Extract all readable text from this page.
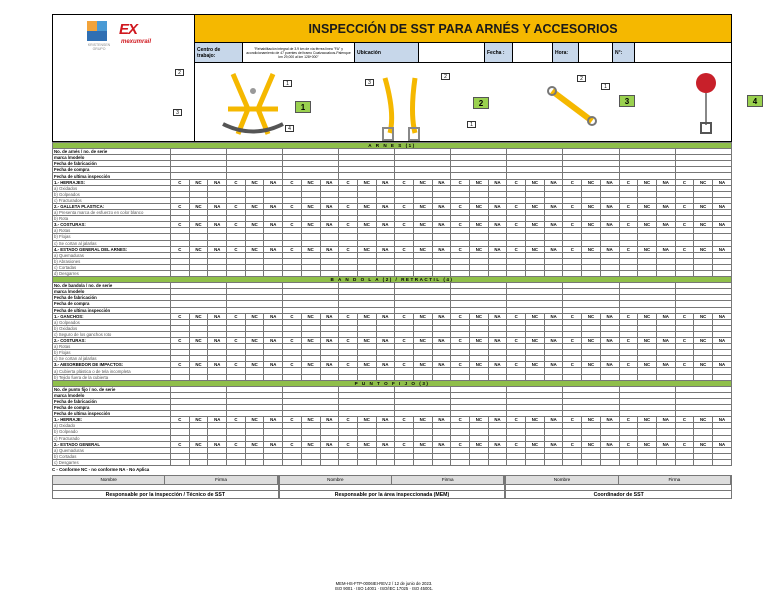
KRISTENSEN
GRUPO
EX
mexumrail
INSPECCIÓN DE SST PARA ARNÉS Y ACCESORIOS
Centro de trabajo:
"Rehabilitación integral de 3.9 km de vía férrea línea "FA" y acondicionamiento de 47 puentes del tramo Coatzacoalcos-Palenque km 29,000 al km 128+000"
Ubicación	Fecha :	Hora:	N°:
1
1
2
3
4
3
2
1
2
2
1
3	4

A R N E S (1)																														
No. de arnés / no. de serie																														
marca /modelo																														
Fecha de fabricación																														
Fecha de compra																														
Fecha de ultima inspección																														
1.- HERRAJES:	C	NC	NA	C	NC	NA	C	NC	NA	C	NC	NA	C	NC	NA	C	NC	NA	C	NC	NA	C	NC	NA	C	NC	NA	C	NC	NA
a) Oxidados																														
b) Golpeados																														
c) Fracturados																														
2.- GALLETA PLASTICA:	C	NC	NA	C	NC	NA	C	NC	NA	C	NC	NA	C	NC	NA	C	NC	NA	C	NC	NA	C	NC	NA	C	NC	NA	C	NC	NA
a) Presenta marca de esfuerzo en color blanco																														
b) Rota																														
3.- COSTURAS:	C	NC	NA	C	NC	NA	C	NC	NA	C	NC	NA	C	NC	NA	C	NC	NA	C	NC	NA	C	NC	NA	C	NC	NA	C	NC	NA
a) Rotas																														
b) Flojas																														
c) Se cortan al jalarlas																														
4.- ESTADO GENERAL DEL ARNES:	C	NC	NA	C	NC	NA	C	NC	NA	C	NC	NA	C	NC	NA	C	NC	NA	C	NC	NA	C	NC	NA	C	NC	NA	C	NC	NA
a) Quemaduras																														
b) Abrasiones																														
c) Cortadas																														
d) Desgarres																														
B A N D O L A (2) / RETRACTIL (4)																														
No. de bandola / no. de serie																														
marca /modelo																														
Fecha de fabricación																														
Fecha de compra																														
Fecha de ultima inspección																														
1.- GANCHOS:	C	NC	NA	C	NC	NA	C	NC	NA	C	NC	NA	C	NC	NA	C	NC	NA	C	NC	NA	C	NC	NA	C	NC	NA	C	NC	NA
a) Golpeados																														
b) Oxidados																														
c) Seguro de los ganchos roto																														
2.- COSTURAS:	C	NC	NA	C	NC	NA	C	NC	NA	C	NC	NA	C	NC	NA	C	NC	NA	C	NC	NA	C	NC	NA	C	NC	NA	C	NC	NA
a) Rotas																														
b) Flojas																														
c) Se cortan al jalarlas																														
3.- ABSORBEDOR DE IMPACTOS:	C	NC	NA	C	NC	NA	C	NC	NA	C	NC	NA	C	NC	NA	C	NC	NA	C	NC	NA	C	NC	NA	C	NC	NA	C	NC	NA
a) Cubierta plástica o de tela incompleta																														
b) Tejido fuera de la cubierta																														
P U N T O F I J O (3)																														
No. de punto fijo / no. de serie																														
marca /modelo																														
Fecha de fabricación																														
Fecha de compra																														
Fecha de ultima inspección																														
1.- HERRAJE:	C	NC	NA	C	NC	NA	C	NC	NA	C	NC	NA	C	NC	NA	C	NC	NA	C	NC	NA	C	NC	NA	C	NC	NA	C	NC	NA
a) Oxidado																														
b) Golpeado																														
c) Fracturado																														
2.- ESTADO GENERAL	C	NC	NA	C	NC	NA	C	NC	NA	C	NC	NA	C	NC	NA	C	NC	NA	C	NC	NA	C	NC	NA	C	NC	NA	C	NC	NA
a) Quemaduras																														
b) Cortadas																														
c) Desgarres																														
C - Conforme NC - no conforme NA - No Aplica
Nombre	Firma
Responsable por la inspección / Técnico de SST
Nombre	Firma
Responsable por la área inspeccionada (MEM)
Nombre	Firma
Coordinador de SST
MEM-HS-FTP-0006IEI-REV.2 / 12 de junio de 2023.
ISO 9001 · ISO 14001 · ISO/IEC 17025 · ISO 45001.
